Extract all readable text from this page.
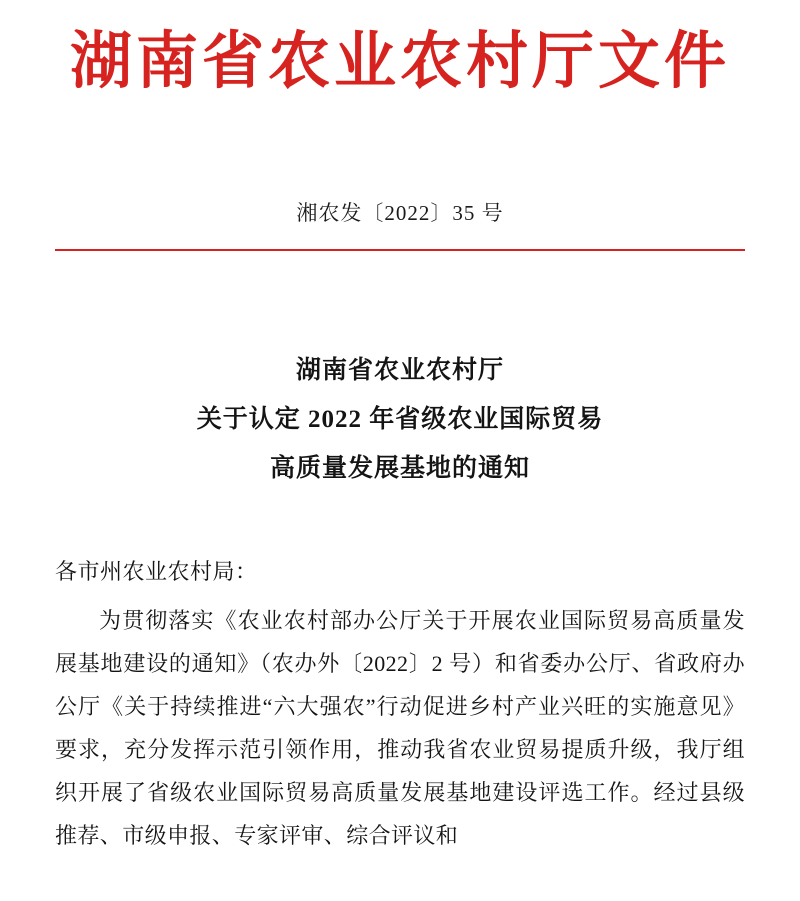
湖南省农业农村厅文件
湘农发〔2022〕35 号
湖南省农业农村厅
关于认定 2022 年省级农业国际贸易
高质量发展基地的通知
各市州农业农村局：

为贯彻落实《农业农村部办公厅关于开展农业国际贸易高质量发展基地建设的通知》（农办外〔2022〕2 号）和省委办公厅、省政府办公厅《关于持续推进“六大强农”行动促进乡村产业兴旺的实施意见》要求，充分发挥示范引领作用，推动我省农业贸易提质升级，我厅组织开展了省级农业国际贸易高质量发展基地建设评选工作。经过县级推荐、市级申报、专家评审、综合评议和
